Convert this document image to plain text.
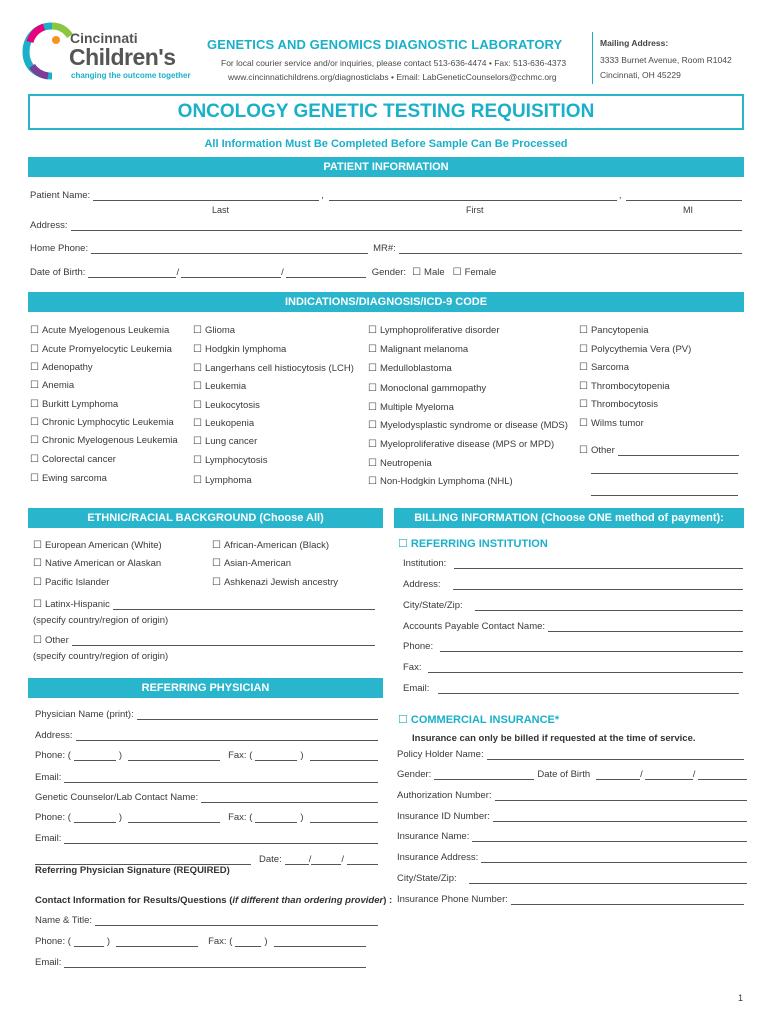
Cincinnati
Children's
changing the outcome together
GENETICS AND GENOMICS DIAGNOSTIC LABORATORY
For local courier service and/or inquiries, please contact 513-636-4474 • Fax: 513-636-4373
www.cincinnatichildrens.org/diagnosticlabs • Email: LabGeneticCounselors@cchmc.org
Mailing Address:
3333 Burnet Avenue, Room R1042
Cincinnati, OH 45229
ONCOLOGY GENETIC TESTING REQUISITION
All Information Must Be Completed Before Sample Can Be Processed
PATIENT INFORMATION
Patient Name:	,	,
Last	First	MI
Address:
Home Phone:	MR#:
Date of Birth:	/	/	Gender: ☐ Male ☐ Female
INDICATIONS/DIAGNOSIS/ICD-9 CODE
☐ Acute Myelogenous Leukemia
☐ Acute Promyelocytic Leukemia
☐ Adenopathy
☐ Anemia
☐ Burkitt Lymphoma
☐ Chronic Lymphocytic Leukemia
☐ Chronic Myelogenous Leukemia
☐ Colorectal cancer
☐ Ewing sarcoma
☐ Glioma
☐ Hodgkin lymphoma
☐ Langerhans cell histiocytosis (LCH)
☐ Leukemia
☐ Leukocytosis
☐ Leukopenia
☐ Lung cancer
☐ Lymphocytosis
☐ Lymphoma
☐ Lymphoproliferative disorder
☐ Malignant melanoma
☐ Medulloblastoma
☐ Monoclonal gammopathy
☐ Multiple Myeloma
☐ Myelodysplastic syndrome or disease (MDS)
☐ Myeloproliferative disease (MPS or MPD)
☐ Neutropenia
☐ Non-Hodgkin Lymphoma (NHL)
☐ Pancytopenia
☐ Polycythemia Vera (PV)
☐ Sarcoma
☐ Thrombocytopenia
☐ Thrombocytosis
☐ Wilms tumor
☐ Other
ETHNIC/RACIAL BACKGROUND (Choose All)
☐ European American (White)	☐ African-American (Black)
☐ Native American or Alaskan	☐ Asian-American
☐ Pacific Islander	☐ Ashkenazi Jewish ancestry
☐ Latinx-Hispanic
(specify country/region of origin)
☐ Other
(specify country/region of origin)
REFERRING PHYSICIAN
Physician Name (print):
Address:
Phone: (	)	Fax: (	)
Email:
Genetic Counselor/Lab Contact Name:
Phone: (	)	Fax: (	)
Email:
Date:	/	/
Referring Physician Signature (REQUIRED)
Contact Information for Results/Questions (if different than ordering provider) :
Name & Title:
Phone: (	)	Fax: (	)
Email:
BILLING INFORMATION (Choose ONE method of payment):
☐ REFERRING INSTITUTION
Institution:
Address:
City/State/Zip:
Accounts Payable Contact Name:
Phone:
Fax:
Email:
☐ COMMERCIAL INSURANCE*
Insurance can only be billed if requested at the time of service.
Policy Holder Name:
Gender:	Date of Birth	/	/
Authorization Number:
Insurance ID Number:
Insurance Name:
Insurance Address:
City/State/Zip:
Insurance Phone Number:
1
